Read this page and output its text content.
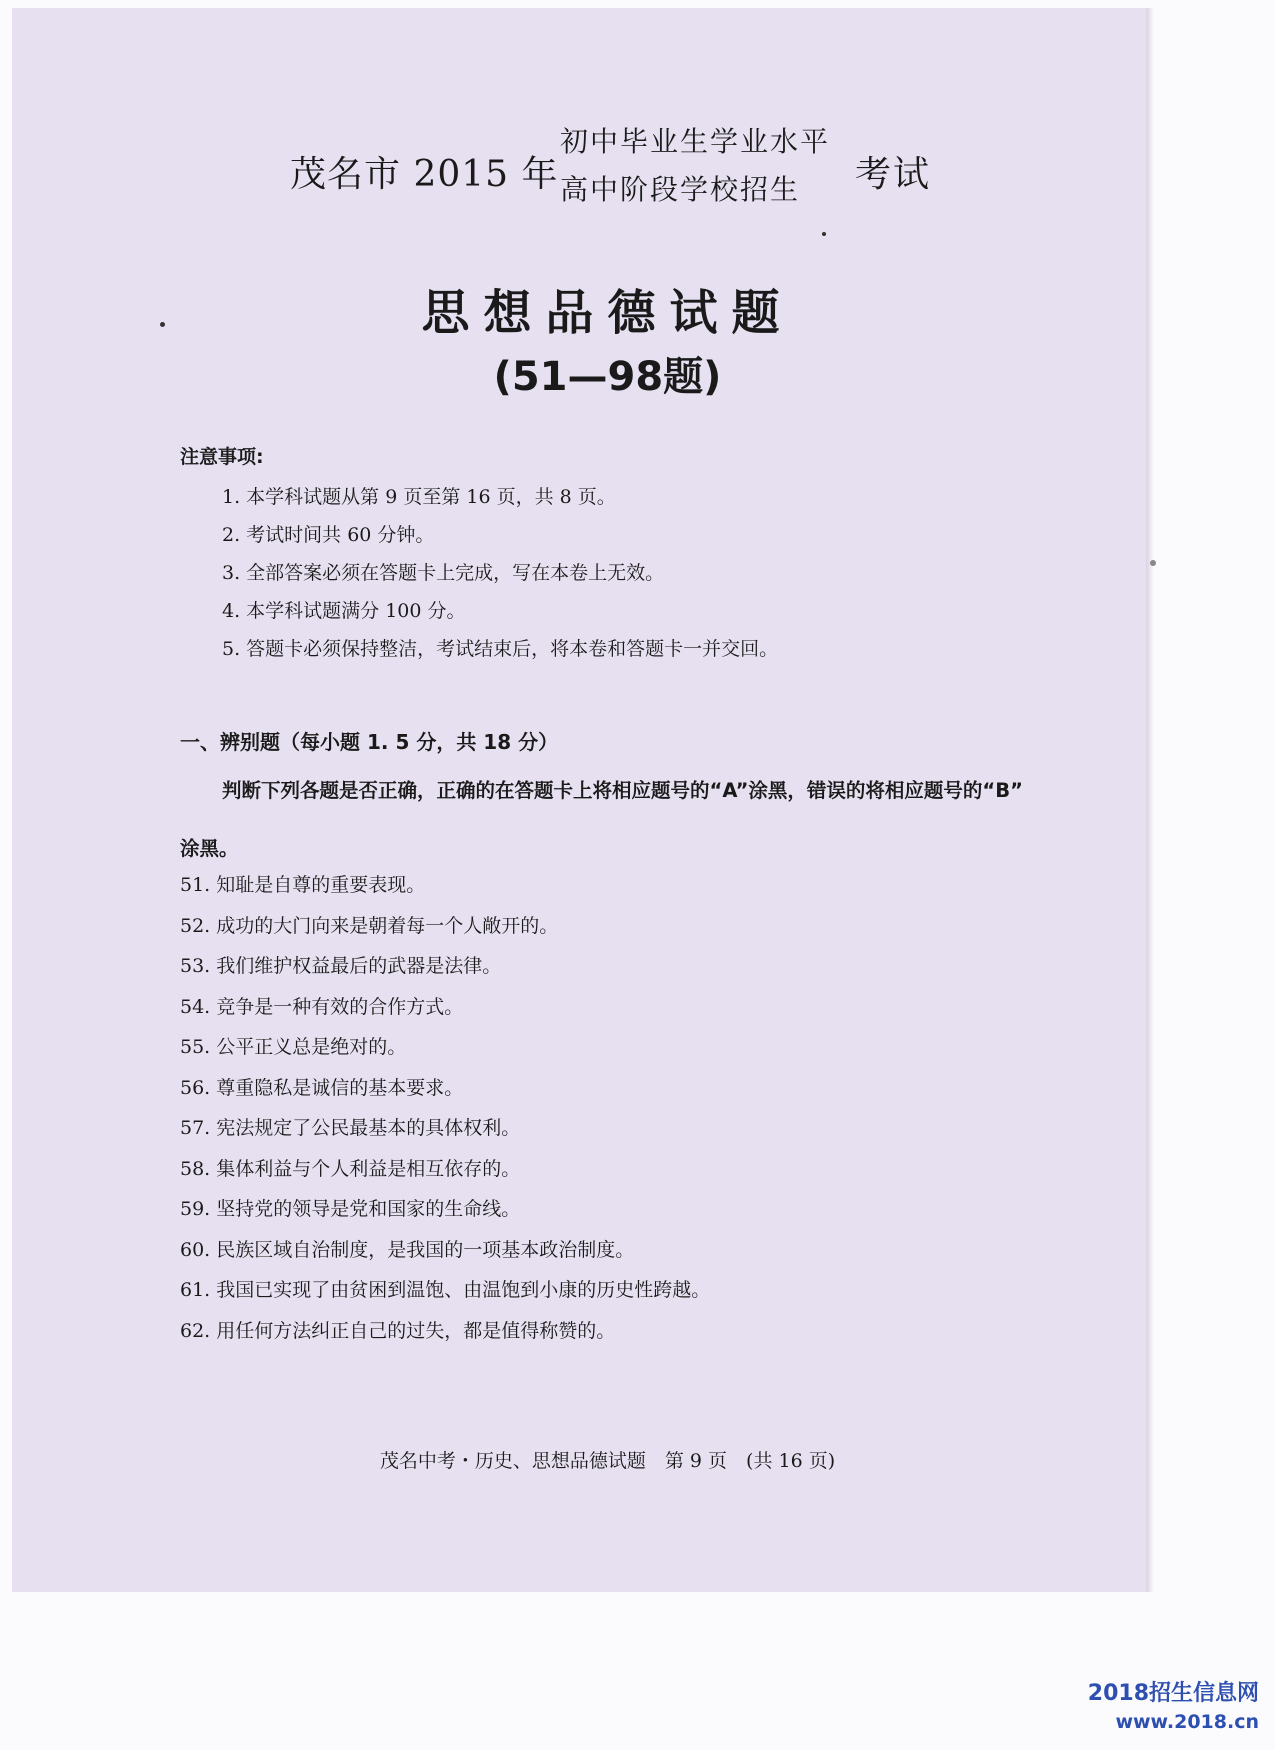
茂名市 2015 年
初中毕业生学业水平
高中阶段学校招生	考试
思想品德试题
(51—98题)
注意事项:
1. 本学科试题从第 9 页至第 16 页，共 8 页。
2. 考试时间共 60 分钟。
3. 全部答案必须在答题卡上完成，写在本卷上无效。
4. 本学科试题满分 100 分。
5. 答题卡必须保持整洁，考试结束后，将本卷和答题卡一并交回。
一、辨别题（每小题 1. 5 分，共 18 分）
判断下列各题是否正确，正确的在答题卡上将相应题号的“A”涂黑，错误的将相应题号的“B” 涂黑。
51. 知耻是自尊的重要表现。
52. 成功的大门向来是朝着每一个人敞开的。
53. 我们维护权益最后的武器是法律。
54. 竞争是一种有效的合作方式。
55. 公平正义总是绝对的。
56. 尊重隐私是诚信的基本要求。
57. 宪法规定了公民最基本的具体权利。
58. 集体利益与个人利益是相互依存的。
59. 坚持党的领导是党和国家的生命线。
60. 民族区域自治制度，是我国的一项基本政治制度。
61. 我国已实现了由贫困到温饱、由温饱到小康的历史性跨越。
62. 用任何方法纠正自己的过失，都是值得称赞的。
茂名中考・历史、思想品德试题　第 9 页　(共 16 页)
2018招生信息网
www.2018.cn
